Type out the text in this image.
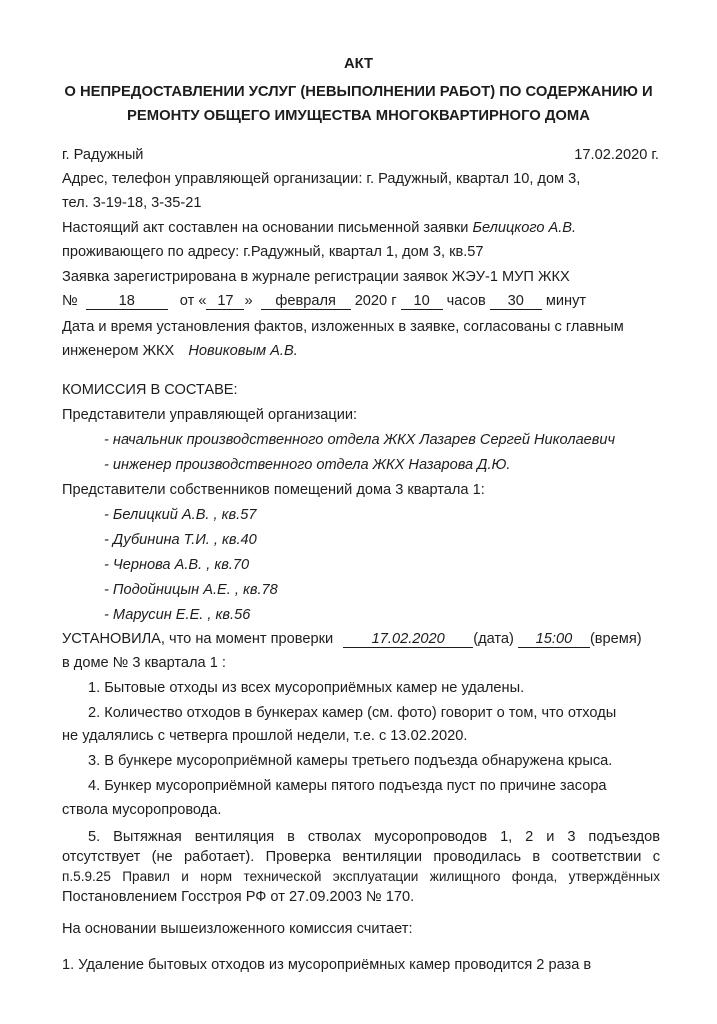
АКТ
О НЕПРЕДОСТАВЛЕНИИ УСЛУГ (НЕВЫПОЛНЕНИИ РАБОТ) ПО СОДЕРЖАНИЮ И
РЕМОНТУ ОБЩЕГО ИМУЩЕСТВА МНОГОКВАРТИРНОГО ДОМА
г. Радужный	17.02.2020 г.
Адрес, телефон управляющей организации: г. Радужный, квартал 10, дом 3,
тел. 3-19-18, 3-35-21
Настоящий акт составлен на основании письменной заявки Белицкого А.В.
проживающего по адресу: г.Радужный, квартал 1, дом 3, кв.57
Заявка зарегистрирована в журнале регистрации заявок ЖЭУ-1 МУП ЖКХ
№	18	от « 17 » февраля 2020 г 10 часов 30 минут
Дата и время установления фактов, изложенных в заявке, согласованы с главным
инженером ЖКХ Новиковым А.В.
КОМИССИЯ В СОСТАВЕ:
Представители управляющей организации:
- начальник производственного отдела ЖКХ Лазарев Сергей Николаевич
- инженер производственного отдела ЖКХ Назарова Д.Ю.
Представители собственников помещений дома 3 квартала 1:
- Белицкий А.В. , кв.57
- Дубинина Т.И. , кв.40
- Чернова А.В. , кв.70
- Подойницын А.Е. , кв.78
- Марусин Е.Е. , кв.56
УСТАНОВИЛА, что на момент проверки	17.02.2020 (дата) 15:00 (время)
в доме № 3 квартала 1 :
1. Бытовые отходы из всех мусороприёмных камер не удалены.
2. Количество отходов в бункерах камер (см. фото) говорит о том, что отходы
не удалялись с четверга прошлой недели, т.е. с 13.02.2020.
3. В бункере мусороприёмной камеры третьего подъезда обнаружена крыса.
4. Бункер мусороприёмной камеры пятого подъезда пуст по причине засора
ствола мусоропровода.
5. Вытяжная вентиляция в стволах мусоропроводов 1, 2 и 3 подъездов
отсутствует (не работает). Проверка вентиляции проводилась в соответствии с
п.5.9.25 Правил и норм технической эксплуатации жилищного фонда, утверждённых
Постановлением Госстроя РФ от 27.09.2003 № 170.
На основании вышеизложенного комиссия считает:
1. Удаление бытовых отходов из мусороприёмных камер проводится 2 раза в
